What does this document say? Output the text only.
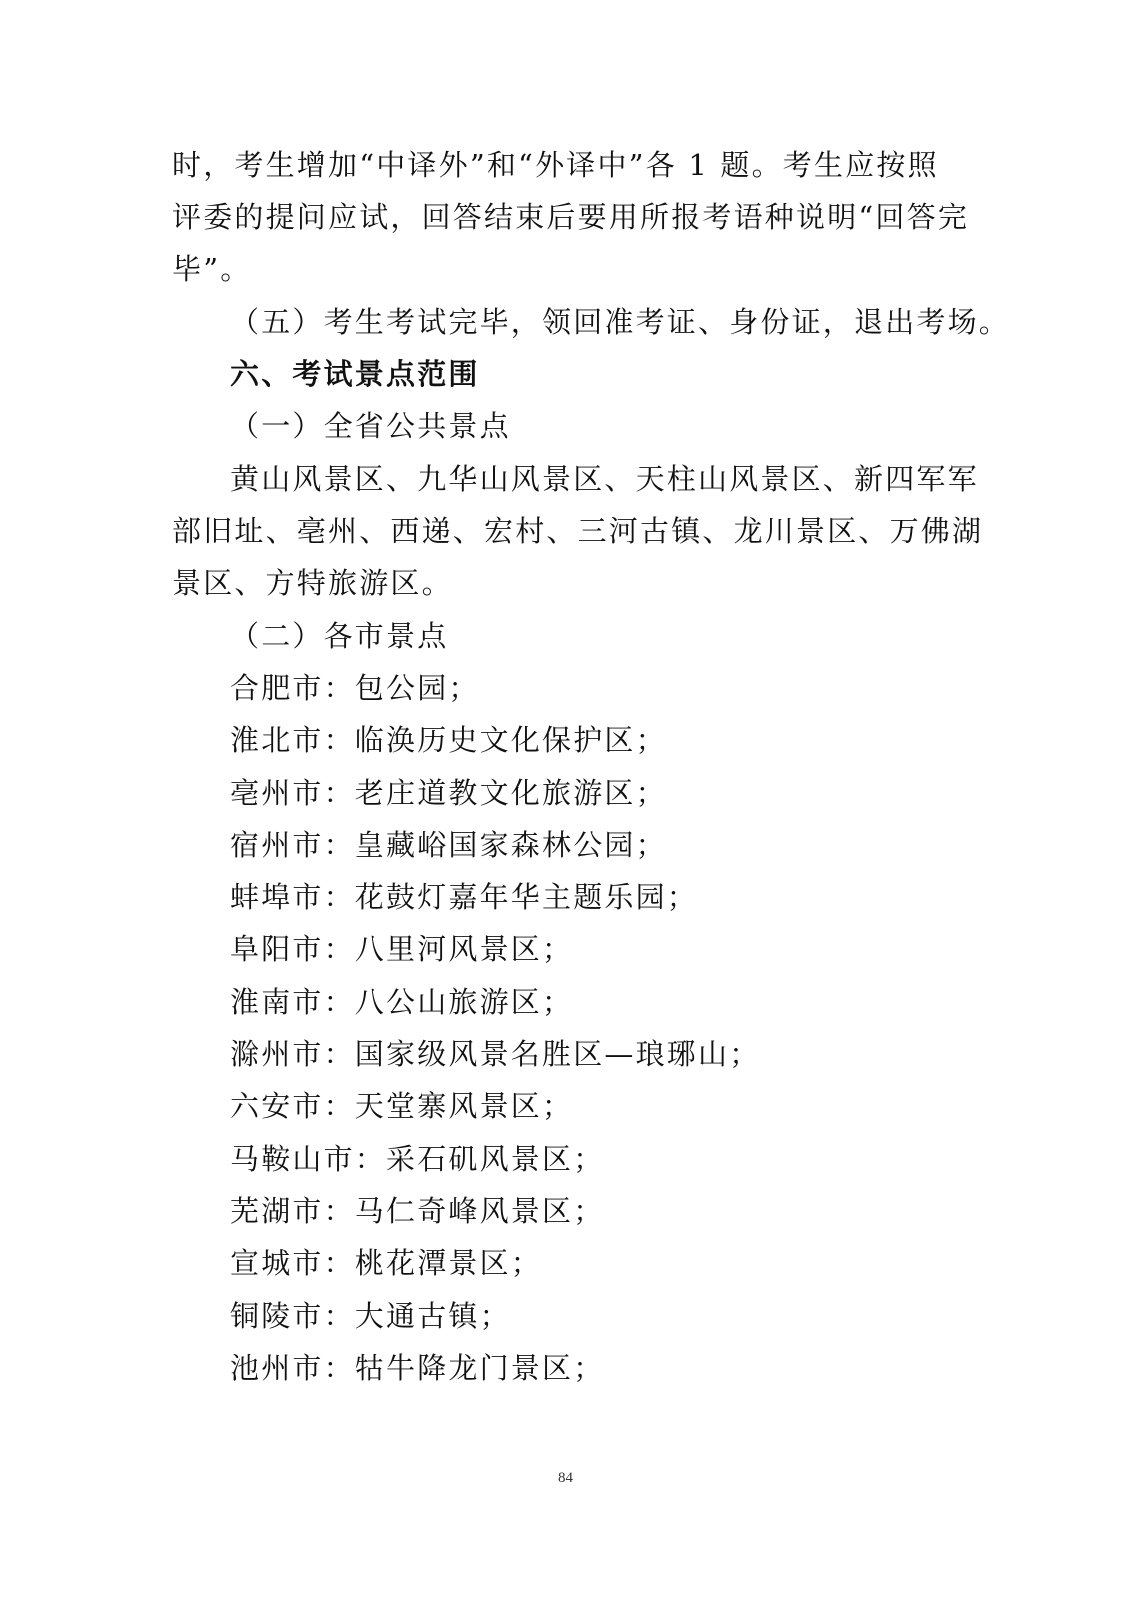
时，考生增加“中译外”和“外译中”各 1 题。考生应按照
评委的提问应试，回答结束后要用所报考语种说明“回答完
毕”。
（五）考生考试完毕，领回准考证、身份证，退出考场。
六、考试景点范围
（一）全省公共景点
黄山风景区、九华山风景区、天柱山风景区、新四军军
部旧址、亳州、西递、宏村、三河古镇、龙川景区、万佛湖
景区、方特旅游区。
（二）各市景点
合肥市：包公园；
淮北市：临涣历史文化保护区；
亳州市：老庄道教文化旅游区；
宿州市：皇藏峪国家森林公园；
蚌埠市：花鼓灯嘉年华主题乐园；
阜阳市：八里河风景区；
淮南市：八公山旅游区；
滁州市：国家级风景名胜区—琅琊山；
六安市：天堂寨风景区；
马鞍山市：采石矶风景区；
芜湖市：马仁奇峰风景区；
宣城市：桃花潭景区；
铜陵市：大通古镇；
池州市：牯牛降龙门景区；
84
